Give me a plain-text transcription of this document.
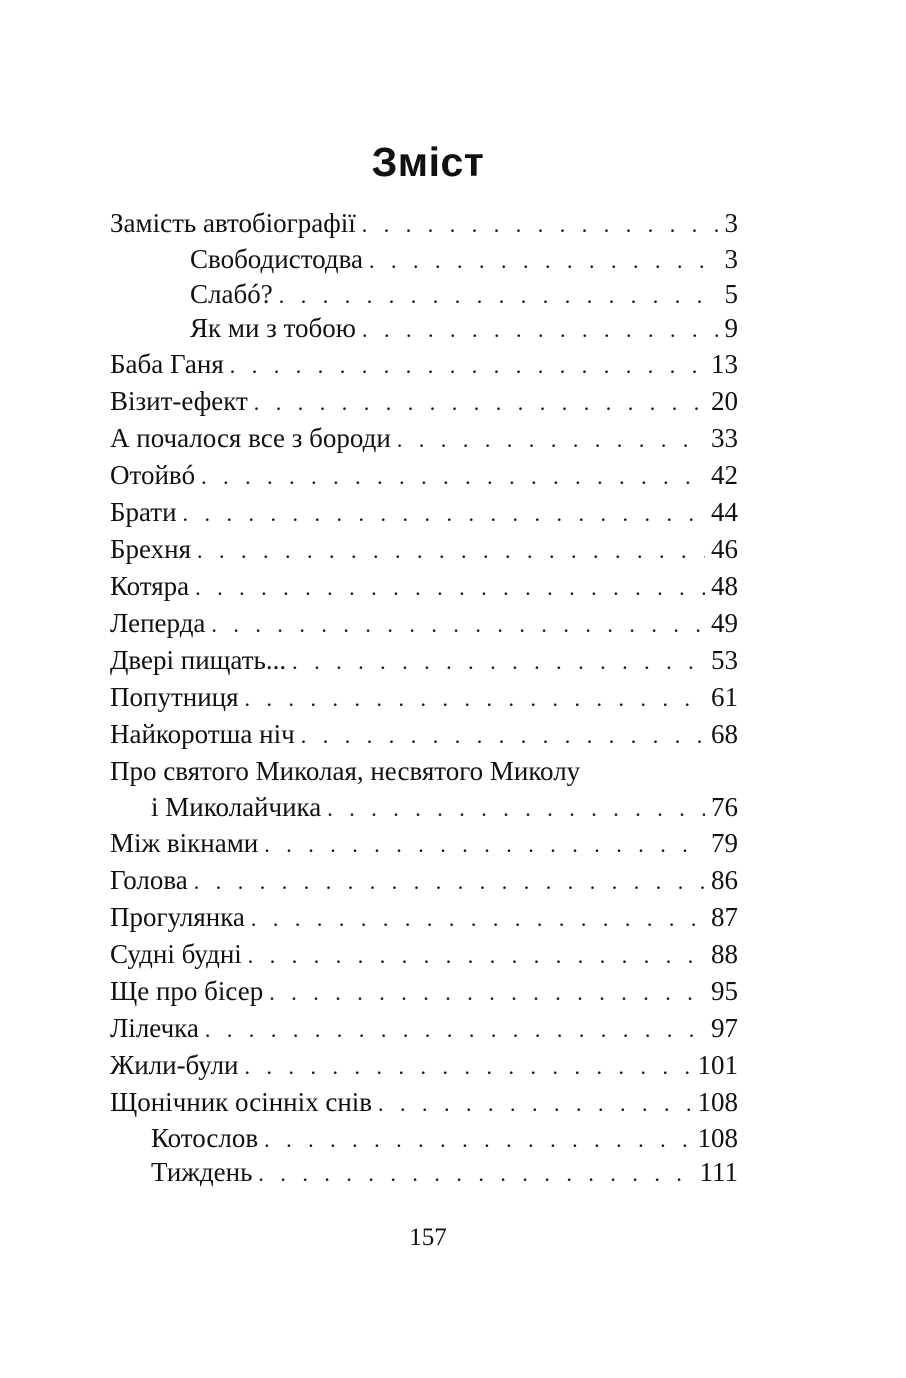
Зміст
Замість автобіографії . . .	3
Свободистодва . . .	3
Слабó? . . .	5
Як ми з тобою . . .	9
Баба Ганя . . .	13
Візит-ефект . . .	20
А почалося все з бороди . . .	33
Отойвó . . .	42
Брати . . .	44
Брехня . . .	46
Котяра . . .	48
Леперда . . .	49
Двері пищать... . . .	53
Попутниця . . .	61
Найкоротша ніч . . .	68
Про святого Миколая, несвятого Миколу
і Миколайчика . . .	76
Між вікнами . . .	79
Голова . . .	86
Прогулянка . . .	87
Судні будні . . .	88
Ще про бісер . . .	95
Лілечка . . .	97
Жили-були . . .	101
Щонічник осінніх снів . . .	108
Котослов . . .	108
Тиждень . . .	111
157
